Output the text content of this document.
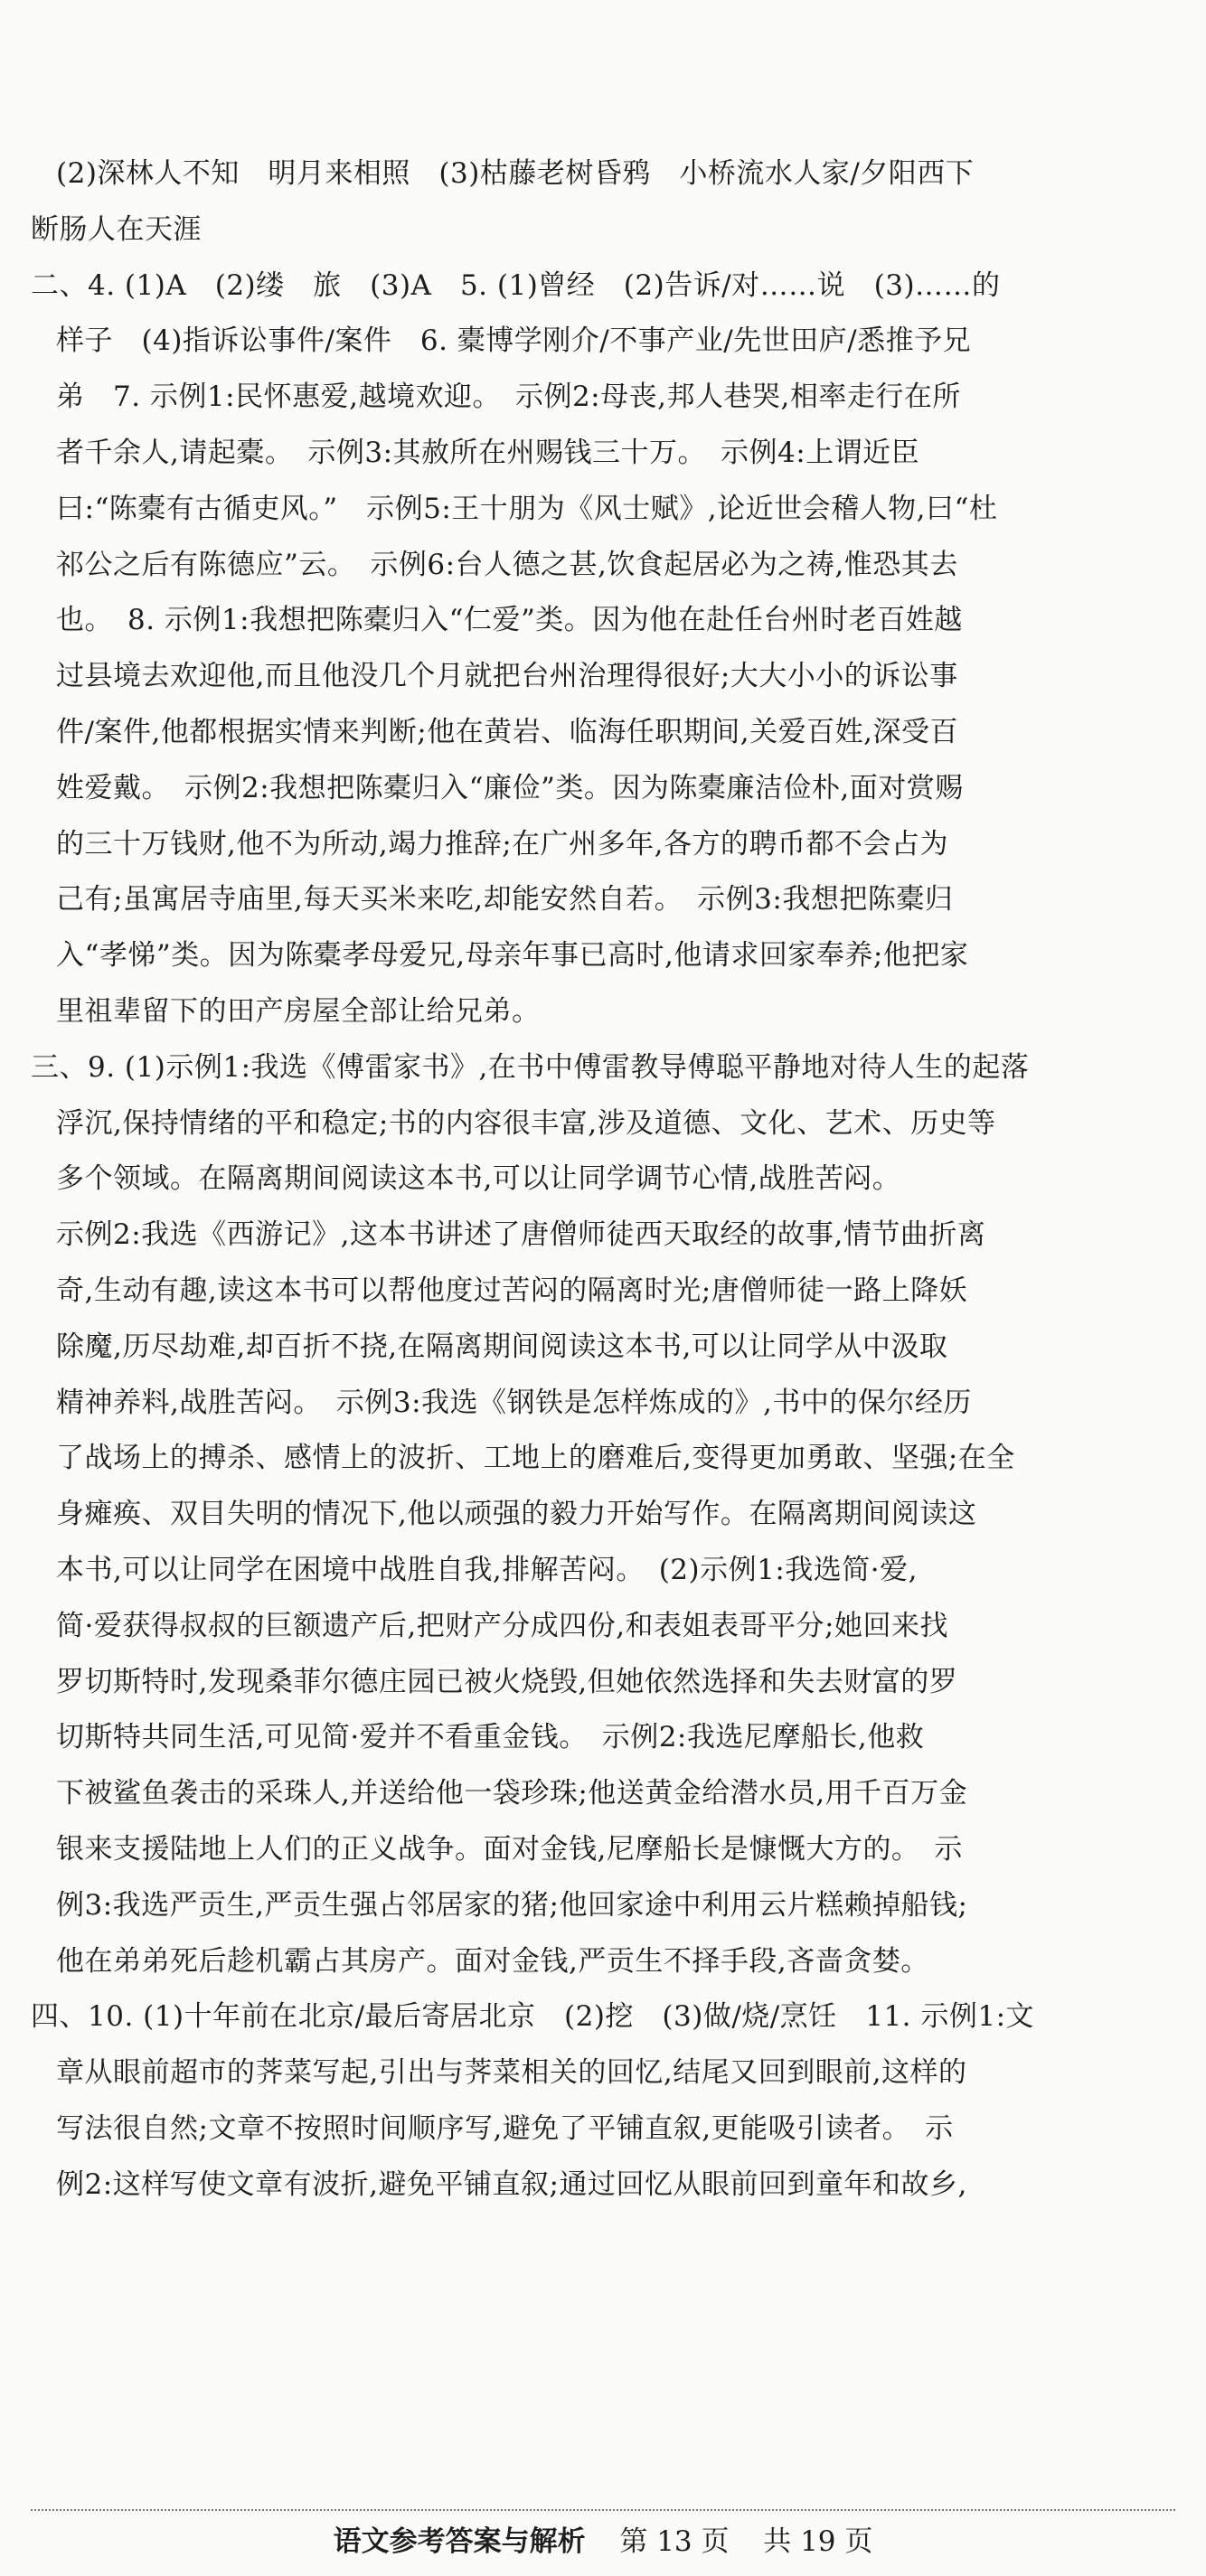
(2)深林人不知　明月来相照　(3)枯藤老树昏鸦　小桥流水人家/夕阳西下
断肠人在天涯
二、4. (1)A　(2)缕　旅　(3)A　5. (1)曾经　(2)告诉/对……说　(3)……的
样子　(4)指诉讼事件/案件　6. 橐博学刚介/不事产业/先世田庐/悉推予兄
弟　7. 示例1:民怀惠爱,越境欢迎。　示例2:母丧,邦人巷哭,相率走行在所
者千余人,请起橐。　示例3:其赦所在州赐钱三十万。　示例4:上谓近臣
曰:“陈橐有古循吏风。”　示例5:王十朋为《风士赋》,论近世会稽人物,曰“杜
祁公之后有陈德应”云。　示例6:台人德之甚,饮食起居必为之祷,惟恐其去
也。　8. 示例1:我想把陈橐归入“仁爱”类。因为他在赴任台州时老百姓越
过县境去欢迎他,而且他没几个月就把台州治理得很好;大大小小的诉讼事
件/案件,他都根据实情来判断;他在黄岩、临海任职期间,关爱百姓,深受百
姓爱戴。　示例2:我想把陈橐归入“廉俭”类。因为陈橐廉洁俭朴,面对赏赐
的三十万钱财,他不为所动,竭力推辞;在广州多年,各方的聘币都不会占为
己有;虽寓居寺庙里,每天买米来吃,却能安然自若。　示例3:我想把陈橐归
入“孝悌”类。因为陈橐孝母爱兄,母亲年事已高时,他请求回家奉养;他把家
里祖辈留下的田产房屋全部让给兄弟。
三、9. (1)示例1:我选《傅雷家书》,在书中傅雷教导傅聪平静地对待人生的起落
浮沉,保持情绪的平和稳定;书的内容很丰富,涉及道德、文化、艺术、历史等
多个领域。在隔离期间阅读这本书,可以让同学调节心情,战胜苦闷。
示例2:我选《西游记》,这本书讲述了唐僧师徒西天取经的故事,情节曲折离
奇,生动有趣,读这本书可以帮他度过苦闷的隔离时光;唐僧师徒一路上降妖
除魔,历尽劫难,却百折不挠,在隔离期间阅读这本书,可以让同学从中汲取
精神养料,战胜苦闷。　示例3:我选《钢铁是怎样炼成的》,书中的保尔经历
了战场上的搏杀、感情上的波折、工地上的磨难后,变得更加勇敢、坚强;在全
身瘫痪、双目失明的情况下,他以顽强的毅力开始写作。在隔离期间阅读这
本书,可以让同学在困境中战胜自我,排解苦闷。　(2)示例1:我选简·爱,
简·爱获得叔叔的巨额遗产后,把财产分成四份,和表姐表哥平分;她回来找
罗切斯特时,发现桑菲尔德庄园已被火烧毁,但她依然选择和失去财富的罗
切斯特共同生活,可见简·爱并不看重金钱。　示例2:我选尼摩船长,他救
下被鲨鱼袭击的采珠人,并送给他一袋珍珠;他送黄金给潜水员,用千百万金
银来支援陆地上人们的正义战争。面对金钱,尼摩船长是慷慨大方的。　示
例3:我选严贡生,严贡生强占邻居家的猪;他回家途中利用云片糕赖掉船钱;
他在弟弟死后趁机霸占其房产。面对金钱,严贡生不择手段,吝啬贪婪。
四、10. (1)十年前在北京/最后寄居北京　(2)挖　(3)做/烧/烹饪　11. 示例1:文
章从眼前超市的荠菜写起,引出与荠菜相关的回忆,结尾又回到眼前,这样的
写法很自然;文章不按照时间顺序写,避免了平铺直叙,更能吸引读者。　示
例2:这样写使文章有波折,避免平铺直叙;通过回忆从眼前回到童年和故乡,
语文参考答案与解析 第 13 页 共 19 页
